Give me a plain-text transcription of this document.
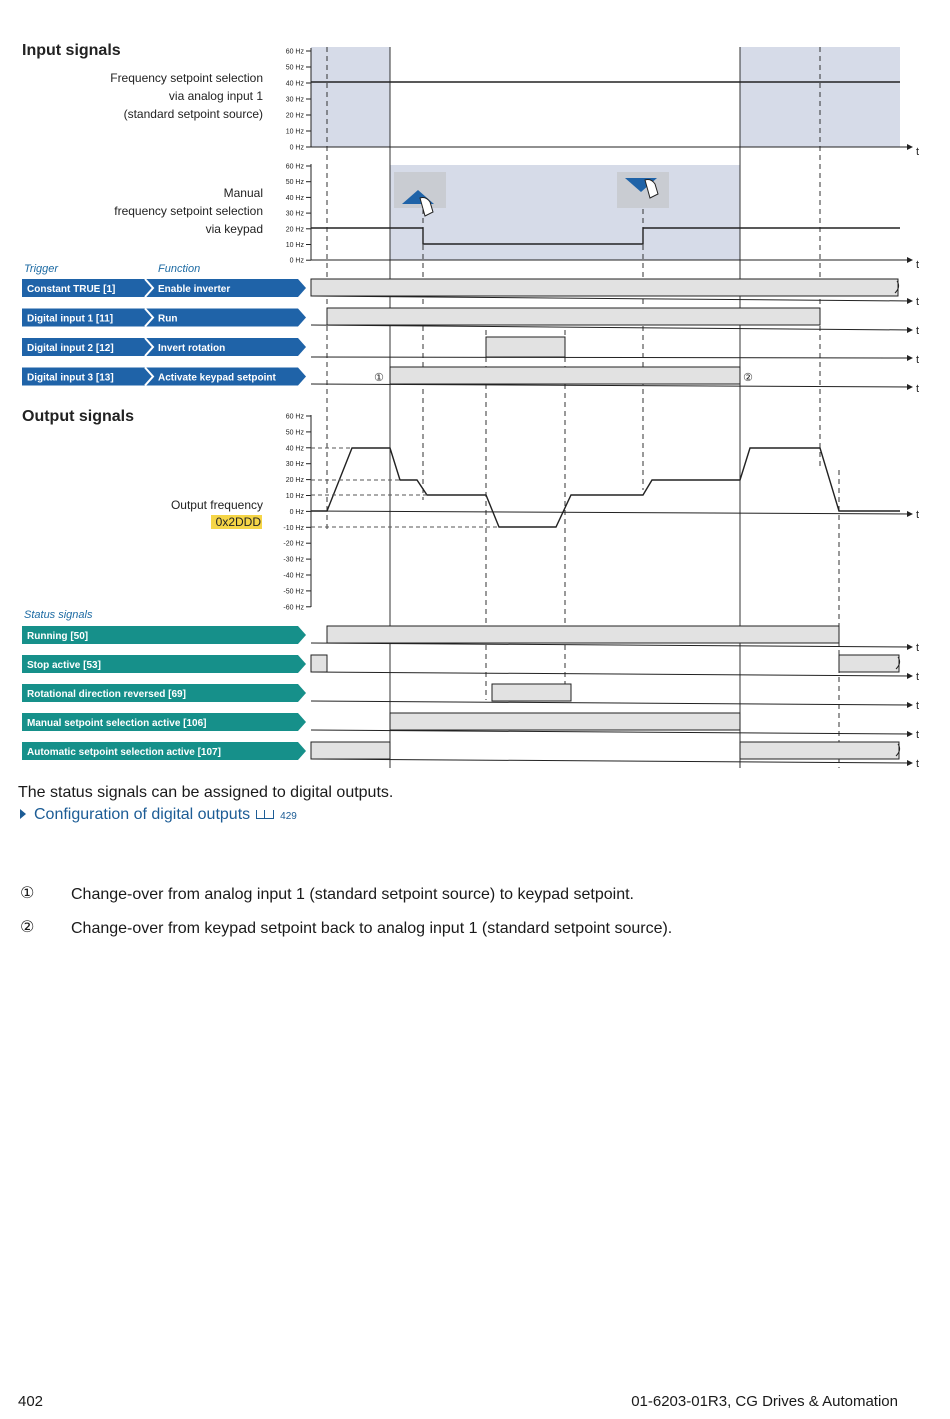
Input signals
Output signals
Frequency setpoint selection
via analog input 1
(standard setpoint source)
Manual
frequency setpoint selection
via keypad
t
t
60 Hz
50 Hz
40 Hz
30 Hz
20 Hz
10 Hz
0 Hz
60 Hz
50 Hz
40 Hz
30 Hz
20 Hz
10 Hz
0 Hz
Trigger	Function
Constant TRUE [1]	Enable inverter
Digital input 1 [11]	Run
Digital input 2 [12]	Invert rotation
Digital input 3 [13]	Activate keypad setpoint
t
t
t
t
①	②
Output frequency
0x2DDD	t
60 Hz
50 Hz
40 Hz
30 Hz
20 Hz
10 Hz
0 Hz
-10 Hz
-20 Hz
-30 Hz
-40 Hz
-50 Hz
-60 Hz
Status signals
Running [50]
Stop active [53]
Rotational direction reversed [69]
Manual setpoint selection active [106]
Automatic setpoint selection active [107]
t
t
t
t
t
The status signals can be assigned to digital outputs.
Configuration of digital outputs	429
① Change-over from analog input 1 (standard setpoint source) to keypad setpoint.
② Change-over from keypad setpoint back to analog input 1 (standard setpoint source).
402	01-6203-01R3, CG Drives & Automation
